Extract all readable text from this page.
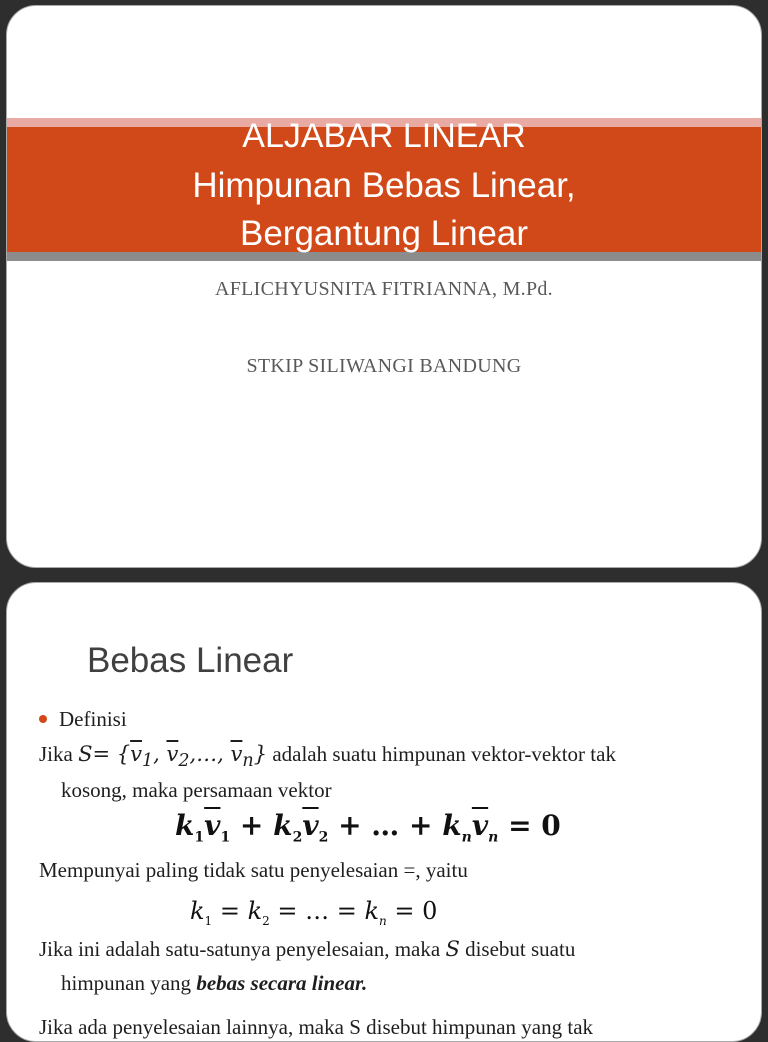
ALJABAR LINEAR
Himpunan Bebas Linear,
Bergantung Linear
AFLICHYUSNITA FITRIANNA, M.Pd.
STKIP SILIWANGI BANDUNG
Bebas Linear
Definisi
Jika $S= \{\overline{v}_1$, $\overline{v}_2,\dots$, $\overline{v}_n$} adalah suatu himpunan vektor-vektor tak
kosong, maka persamaan vektor
$k_1\overline{v}_1 + k_2\overline{v}_2$ + … + $k_n\overline{v}_n = 0$
Mempunyai paling tidak satu penyelesaian =, yaitu
$k_1 = k_2$ = … = $k_n = 0$
Jika ini adalah satu-satunya penyelesaian, maka S disebut suatu
himpunan yang bebas secara linear.
Jika ada penyelesaian lainnya, maka S disebut himpunan yang tak
